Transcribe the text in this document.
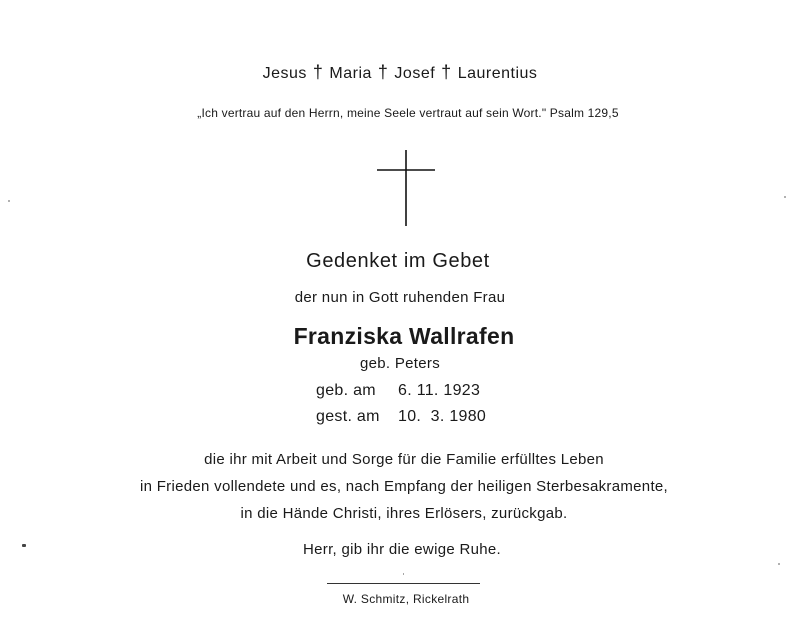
Jesus † Maria † Josef † Laurentius
„Ich vertrau auf den Herrn, meine Seele vertraut auf sein Wort." Psalm 129,5
Gedenket im Gebet
der nun in Gott ruhenden Frau
Franziska Wallrafen
geb. Peters
geb. am 6. 11. 1923
gest. am 10.  3. 1980
die ihr mit Arbeit und Sorge für die Familie erfülltes Leben
in Frieden vollendete und es, nach Empfang der heiligen Sterbesakramente,
in die Hände Christi, ihres Erlösers, zurückgab.
Herr, gib ihr die ewige Ruhe.
W. Schmitz, Rickelrath
